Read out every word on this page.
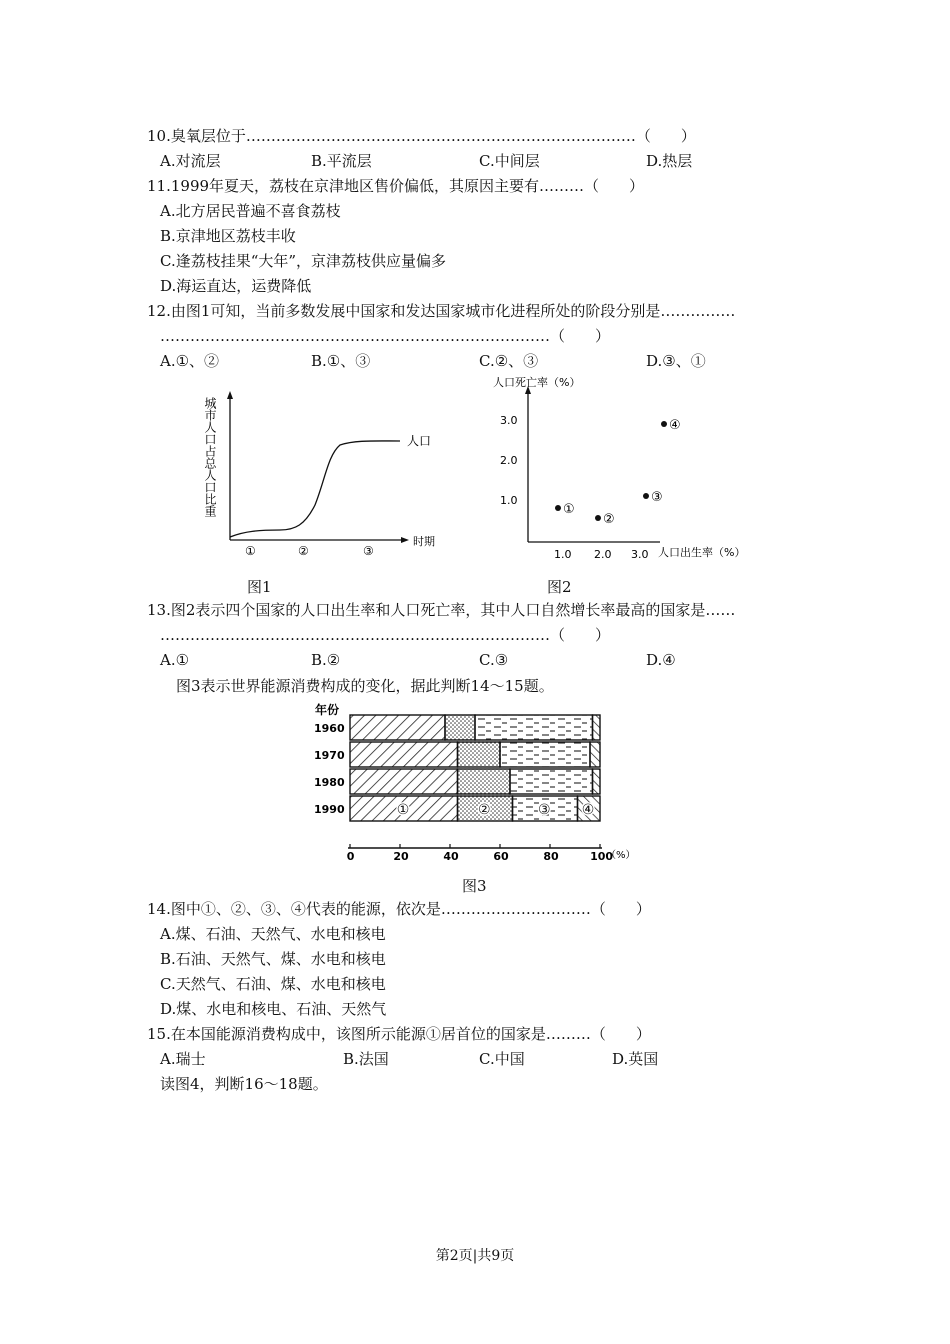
10.臭氧层位于……………………………………………………………………（　　）
A.对流层	B.平流层	C.中间层	D.热层
11.1999年夏天，荔枝在京津地区售价偏低，其原因主要有………（　　）
A.北方居民普遍不喜食荔枝
B.京津地区荔枝丰收
C.逢荔枝挂果“大年”，京津荔枝供应量偏多
D.海运直达，运费降低
12.由图1可知，当前多数发展中国家和发达国家城市化进程所处的阶段分别是……………
……………………………………………………………………（　　）
A.①、②	B.①、③	C.②、③	D.③、①
城市人口占总人口比重	人口
时期
①	②	③
图1
人口死亡率（%）
人口出生率（%）
3.0
2.0
1.0
1.0 2.0 3.0
①
②
③
④
图2
13.图2表示四个国家的人口出生率和人口死亡率，其中人口自然增长率最高的国家是……
……………………………………………………………………（　　）
A.①	B.②	C.③	D.④
图3表示世界能源消费构成的变化，据此判断14～15题。
年份
①	②	③ ④
1960
1970
1980
1990
0	20	40	60	80	100
（%）
图3
14.图中①、②、③、④代表的能源，依次是…………………………（　　）
A.煤、石油、天然气、水电和核电
B.石油、天然气、煤、水电和核电
C.天然气、石油、煤、水电和核电
D.煤、水电和核电、石油、天然气
15.在本国能源消费构成中，该图所示能源①居首位的国家是………（　　）
A.瑞士	B.法国	C.中国	D.英国
读图4，判断16～18题。
第2页|共9页
